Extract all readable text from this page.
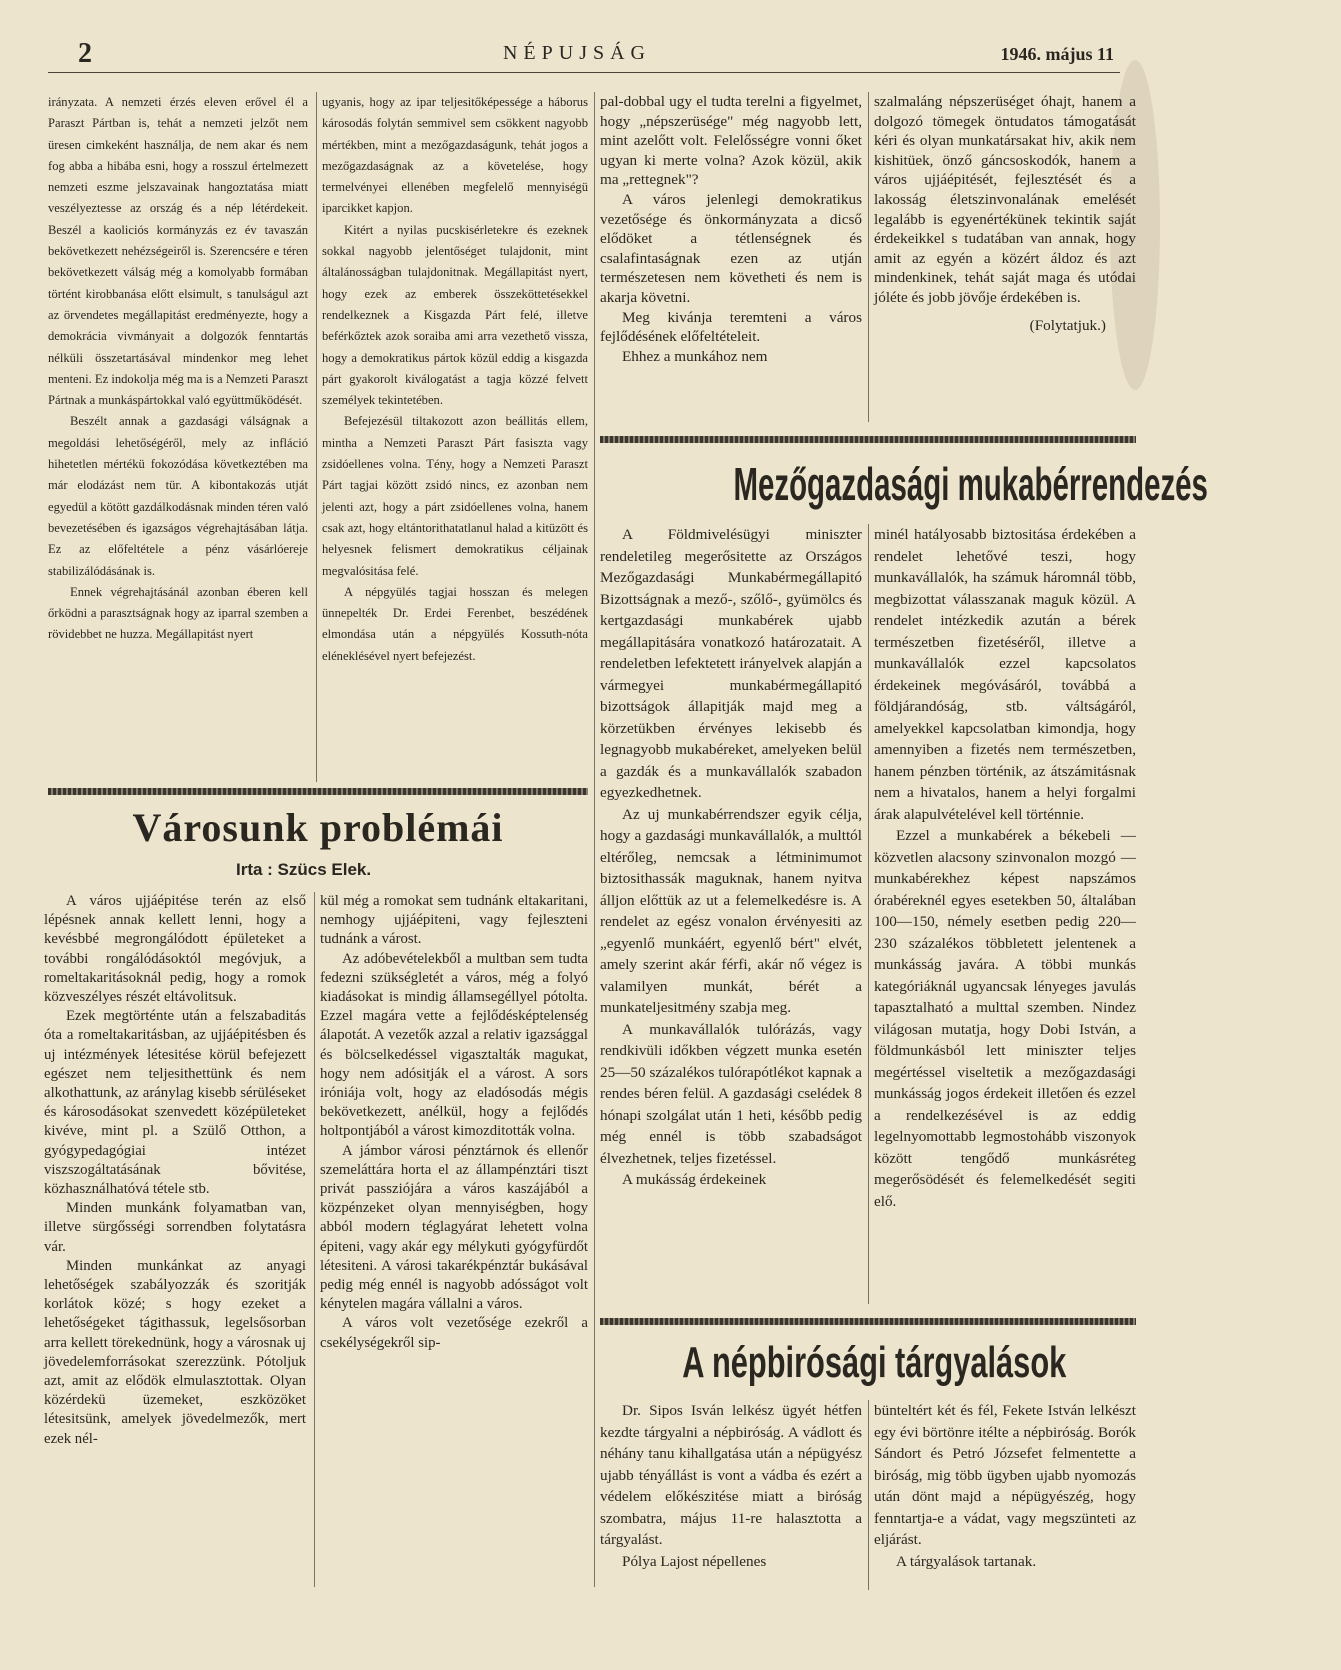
2	NÉPUJSÁG	1946. május 11

irányzata. A nemzeti érzés eleven erővel él a Paraszt Pártban is, tehát a nemzeti jelzőt nem üresen cimkeként használja, de nem akar és nem fog abba a hibába esni, hogy a rosszul értelmezett nemzeti eszme jelszavainak hangoztatása miatt veszélyeztesse az ország és a nép létérdekeit. Beszél a kaoliciós kormányzás ez év tavaszán bekövetkezett nehézségeiről is. Szerencsére e téren bekövetkezett válság még a komolyabb formában történt kirobbanása előtt elsimult, s tanulságul azt az örvendetes megállapitást eredményezte, hogy a demokrácia vivmányait a dolgozók fenntartás nélküli összetartásával mindenkor meg lehet menteni. Ez indokolja még ma is a Nemzeti Paraszt Pártnak a munkáspártokkal való együttműködését.

Beszélt annak a gazdasági válságnak a megoldási lehetőségéről, mely az infláció hihetetlen mértékü fokozódása következtében ma már elodázást nem tür. A kibontakozás utját egyedül a kötött gazdálkodásnak minden téren való bevezetésében és igazságos végrehajtásában látja. Ez az előfeltétele a pénz vásárlóereje stabilizálódásának is.

Ennek végrehajtásánál azonban éberen kell őrködni a parasztságnak hogy az iparral szemben a rövidebbet ne huzza. Megállapitást nyert

ugyanis, hogy az ipar teljesitőképessége a háborus károsodás folytán semmivel sem csökkent nagyobb mértékben, mint a mezőgazdaságunk, tehát jogos a mezőgazdaságnak az a követelése, hogy termelvényei ellenében megfelelő mennyiségü iparcikket kapjon.

Kitért a nyilas pucskisérletekre és ezeknek sokkal nagyobb jelentőséget tulajdonit, mint általánosságban tulajdonitnak. Megállapitást nyert, hogy ezek az emberek összeköttetésekkel rendelkeznek a Kisgazda Párt felé, illetve beférkőztek azok soraiba ami arra vezethető vissza, hogy a demokratikus pártok közül eddig a kisgazda párt gyakorolt kiválogatást a tagja közzé felvett személyek tekintetében.

Befejezésül tiltakozott azon beállitás ellem, mintha a Nemzeti Paraszt Párt fasiszta vagy zsidóellenes volna. Tény, hogy a Nemzeti Paraszt Párt tagjai között zsidó nincs, ez azonban nem jelenti azt, hogy a párt zsidóellenes volna, hanem csak azt, hogy eltántorithatatlanul halad a kitüzött és helyesnek felismert demokratikus céljainak megvalósitása felé.

A népgyülés tagjai hosszan és melegen ünnepelték Dr. Erdei Ferenbet, beszédének elmondása után a népgyülés Kossuth-nóta eléneklésével nyert befejezést.

pal-dobbal ugy el tudta terelni a figyelmet, hogy „népszerüsége" még nagyobb lett, mint azelőtt volt. Felelősségre vonni őket ugyan ki merte volna? Azok közül, akik ma „rettegnek"?

A város jelenlegi demokratikus vezetősége és önkormányzata a dicső elődöket a tétlenségnek és csalafintaságnak ezen az utján természetesen nem követheti és nem is akarja követni.

Meg kivánja teremteni a város fejlődésének előfeltételeit.

Ehhez a munkához nem

szalmaláng népszerüséget óhajt, hanem a dolgozó tömegek öntudatos támogatását kéri és olyan munkatársakat hiv, akik nem kishitüek, önző gáncsoskodók, hanem a város ujjáépitését, fejlesztését és a lakosság életszinvonalának emelését legalább is egyenértékünek tekintik saját érdekeikkel s tudatában van annak, hogy amit az egyén a közért áldoz és azt mindenkinek, tehát saját maga és utódai jóléte és jobb jövője érdekében is.

(Folytatjuk.)

Mezőgazdasági mukabérrendezés

A Földmivelésügyi miniszter rendeletileg megerősitette az Országos Mezőgazdasági Munkabérmegállapitó Bizottságnak a mező-, szőlő-, gyümölcs és kertgazdasági munkabérek ujabb megállapitására vonatkozó határozatait. A rendeletben lefektetett irányelvek alapján a vármegyei munkabérmegállapitó bizottságok állapitják majd meg a körzetükben érvényes lekisebb és legnagyobb mukabéreket, amelyeken belül a gazdák és a munkavállalók szabadon egyezkedhetnek.

Az uj munkabérrendszer egyik célja, hogy a gazdasági munkavállalók, a multtól eltérőleg, nemcsak a létminimumot biztosithassák maguknak, hanem nyitva álljon előttük az ut a felemelkedésre is. A rendelet az egész vonalon érvényesiti az „egyenlő munkáért, egyenlő bért" elvét, amely szerint akár férfi, akár nő végez is valamilyen munkát, bérét a munkateljesitmény szabja meg.

A munkavállalók tulórázás, vagy rendkivüli időkben végzett munka esetén 25—50 százalékos tulórapótlékot kapnak a rendes béren felül. A gazdasági cselédek 8 hónapi szolgálat után 1 heti, később pedig még ennél is több szabadságot élvezhetnek, teljes fizetéssel.

A mukásság érdekeinek

minél hatályosabb biztositása érdekében a rendelet lehetővé teszi, hogy munkavállalók, ha számuk háromnál több, megbizottat válasszanak maguk közül. A rendelet intézkedik azután a bérek természetben fizetéséről, illetve a munkavállalók ezzel kapcsolatos érdekeinek megóvásáról, továbbá a földjárandóság, stb. váltságáról, amelyekkel kapcsolatban kimondja, hogy amennyiben a fizetés nem természetben, hanem pénzben történik, az átszámitásnak nem a hivatalos, hanem a helyi forgalmi árak alapulvételével kell történnie.

Ezzel a munkabérek a békebeli — közvetlen alacsony szinvonalon mozgó — munkabérekhez képest napszámos órabéreknél egyes esetekben 50, általában 100—150, némely esetben pedig 220—230 százalékos többletett jelentenek a munkásság javára. A többi munkás kategóriáknál ugyancsak lényeges javulás tapasztalható a multtal szemben. Nindez világosan mutatja, hogy Dobi István, a földmunkásból lett miniszter teljes megértéssel viseltetik a mezőgazdasági munkásság jogos érdekeit illetően és ezzel a rendelkezésével is az eddig legelnyomottabb legmostohább viszonyok között tengődő munkásréteg megerősödését és felemelkedését segiti elő.

A népbirósági tárgyalások

Dr. Sipos Isván lelkész ügyét hétfen kezdte tárgyalni a népbiróság. A vádlott és néhány tanu kihallgatása után a népügyész ujabb tényállást is vont a vádba és ezért a védelem előkészitése miatt a biróság szombatra, május 11-re halasztotta a tárgyalást.

Pólya Lajost népellenes

bünteltért két és fél, Fekete István lelkészt egy évi börtönre itélte a népbiróság. Borók Sándort és Petró Józsefet felmentette a biróság, mig több ügyben ujabb nyomozás után dönt majd a népügyészég, hogy fenntartja-e a vádat, vagy megszünteti az eljárást.

A tárgyalások tartanak.

Városunk problémái
Irta : Szücs Elek.

A város ujjáépitése terén az első lépésnek annak kellett lenni, hogy a kevésbbé megrongálódott épületeket a további rongálódásoktól megóvjuk, a romeltakaritásoknál pedig, hogy a romok közveszélyes részét eltávolitsuk.

Ezek megtörténte után a felszabaditás óta a romeltakaritásban, az ujjáépitésben és uj intézmények létesitése körül befejezett egészet nem teljesithettünk és nem alkothattunk, az aránylag kisebb sérüléseket és károsodásokat szenvedett középületeket kivéve, mint pl. a Szülő Otthon, a gyógypedagógiai intézet viszszogáltatásának bővitése, közhasználhatóvá tétele stb.

Minden munkánk folyamatban van, illetve sürgősségi sorrendben folytatásra vár.

Minden munkánkat az anyagi lehetőségek szabályozzák és szoritják korlátok közé; s hogy ezeket a lehetőségeket tágithassuk, legelsősorban arra kellett törekednünk, hogy a városnak uj jövedelemforrásokat szerezzünk. Pótoljuk azt, amit az elődök elmulasztottak. Olyan közérdekü üzemeket, eszközöket létesitsünk, amelyek jövedelmezők, mert ezek nél-

kül még a romokat sem tudnánk eltakaritani, nemhogy ujjáépiteni, vagy fejleszteni tudnánk a várost.

Az adóbevételekből a multban sem tudta fedezni szükségletét a város, még a folyó kiadásokat is mindig államsegéllyel pótolta. Ezzel magára vette a fejlődésképtelenség álapotát. A vezetők azzal a relativ igazsággal és bölcselkedéssel vigasztalták magukat, hogy nem adósitják el a várost. A sors iróniája volt, hogy az eladósodás mégis bekövetkezett, anélkül, hogy a fejlődés holtpontjából a várost kimozditották volna.

A jámbor városi pénztárnok és ellenőr szemeláttára horta el az állampénztári tiszt privát passziójára a város kaszájából a közpénzeket olyan mennyiségben, hogy abból modern téglagyárat lehetett volna épiteni, vagy akár egy mélykuti gyógyfürdőt létesiteni. A városi takarékpénztár bukásával pedig még ennél is nagyobb adósságot volt kénytelen magára vállalni a város.

A város volt vezetősége ezekről a csekélységekről sip-
